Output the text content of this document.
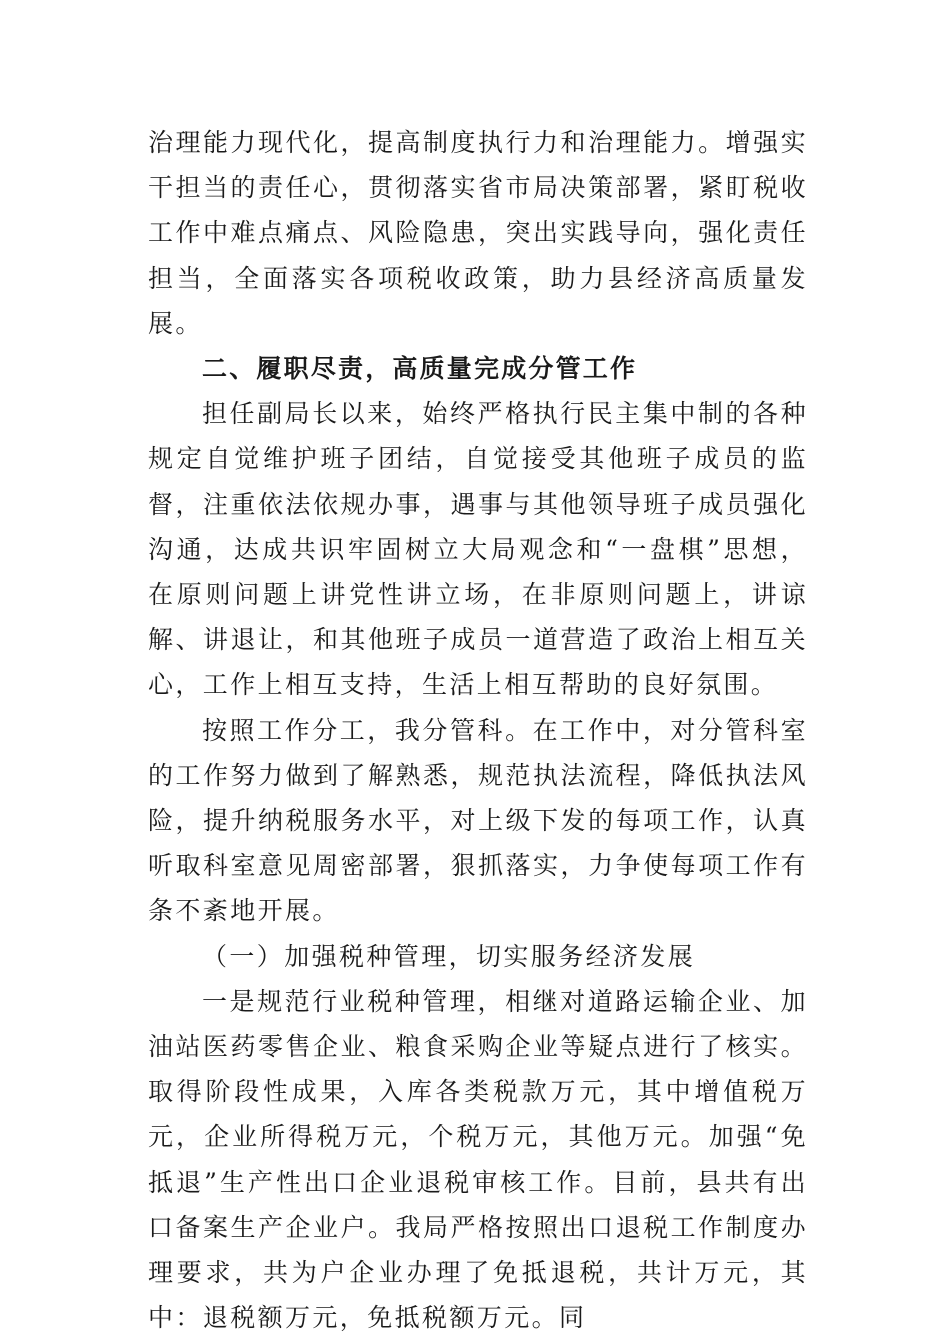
治理能力现代化，提高制度执行力和治理能力。增强实干担当的责任心，贯彻落实省市局决策部署，紧盯税收工作中难点痛点、风险隐患，突出实践导向，强化责任担当，全面落实各项税收政策，助力县经济高质量发展。

二、履职尽责，高质量完成分管工作

担任副局长以来，始终严格执行民主集中制的各种规定自觉维护班子团结，自觉接受其他班子成员的监督，注重依法依规办事，遇事与其他领导班子成员强化沟通，达成共识牢固树立大局观念和“一盘棋”思想，在原则问题上讲党性讲立场，在非原则问题上，讲谅解、讲退让，和其他班子成员一道营造了政治上相互关心，工作上相互支持，生活上相互帮助的良好氛围。

按照工作分工，我分管科。在工作中，对分管科室的工作努力做到了解熟悉，规范执法流程，降低执法风险，提升纳税服务水平，对上级下发的每项工作，认真听取科室意见周密部署，狠抓落实，力争使每项工作有条不紊地开展。

（一）加强税种管理，切实服务经济发展

一是规范行业税种管理，相继对道路运输企业、加油站医药零售企业、粮食采购企业等疑点进行了核实。取得阶段性成果，入库各类税款万元，其中增值税万元，企业所得税万元，个税万元，其他万元。加强“免抵退”生产性出口企业退税审核工作。目前，县共有出口备案生产企业户。我局严格按照出口退税工作制度办理要求，共为户企业办理了免抵退税，共计万元，其中：退税额万元，免抵税额万元。同
